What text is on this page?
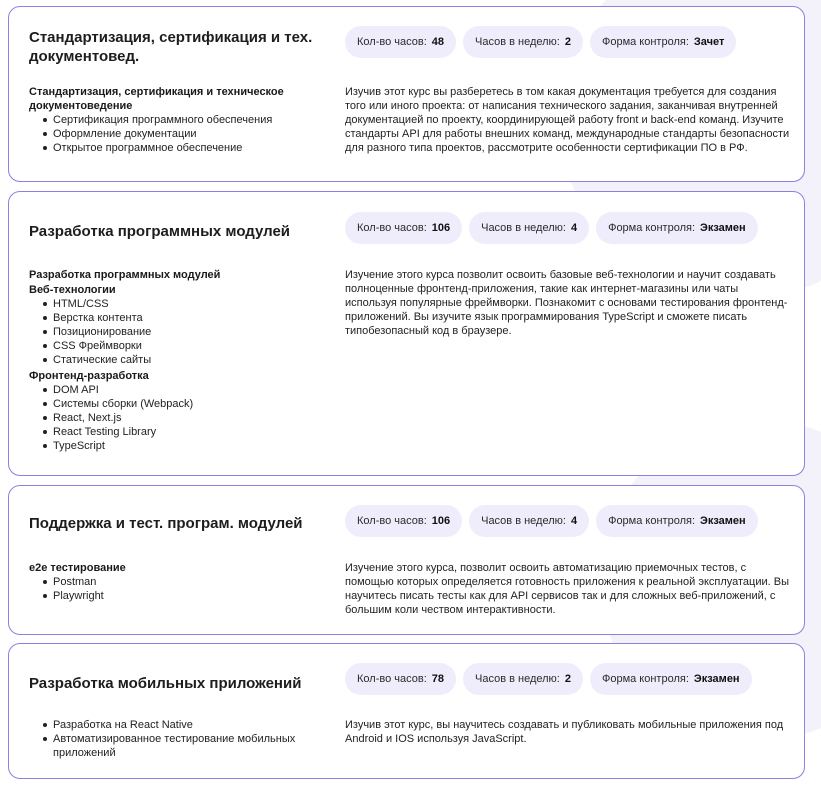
Стандартизация, сертификация и тех. документовед.
Кол-во часов: 48	Часов в неделю: 2	Форма контроля: Зачет
Стандартизация, сертификация и техническое документоведение
Сертификация программного обеспечения
Оформление документации
Открытое программное обеспечение
Изучив этот курс вы разберетесь в том какая документация требуется для создания того или иного проекта: от написания технического задания, заканчивая внутренней документацией по проекту, координирующей работу front и back-end команд. Изучите стандарты API для работы внешних команд, международные стандарты безопасности для разного типа проектов, рассмотрите особенности сертификации ПО в РФ.
Разработка программных модулей	Кол-во часов: 106	Часов в неделю: 4	Форма контроля: Экзамен
Разработка программных модулей
Веб-технологии
HTML/CSS
Верстка контента
Позиционирование
CSS Фреймворки
Статические сайты
Фронтенд-разработка
DOM API
Системы сборки (Webpack)
React, Next.js
React Testing Library
TypeScript
Изучение этого курса позволит освоить базовые веб-технологии и научит создавать полноценные фронтенд-приложения, такие как интернет-магазины или чаты используя популярные фреймворки. Познакомит с основами тестирования фронтенд-приложений. Вы изучите язык программирования TypeScript и сможете писать типобезопасный код в браузере.
Поддержка и тест. програм. модулей	Кол-во часов: 106	Часов в неделю: 4	Форма контроля: Экзамен
e2e тестирование
Postman
Playwright
Изучение этого курса, позволит освоить автоматизацию приемочных тестов, с помощью которых определяется готовность приложения к реальной эксплуатации. Вы научитесь писать тесты как для API сервисов так и для сложных веб-приложений, с большим коли чеством интерактивности.
Разработка мобильных приложений	Кол-во часов: 78	Часов в неделю: 2	Форма контроля: Экзамен
Разработка на React Native
Автоматизированное тестирование мобильных приложений
Изучив этот курс, вы научитесь создавать и публиковать мобильные приложения под Android и IOS используя JavaScript.
